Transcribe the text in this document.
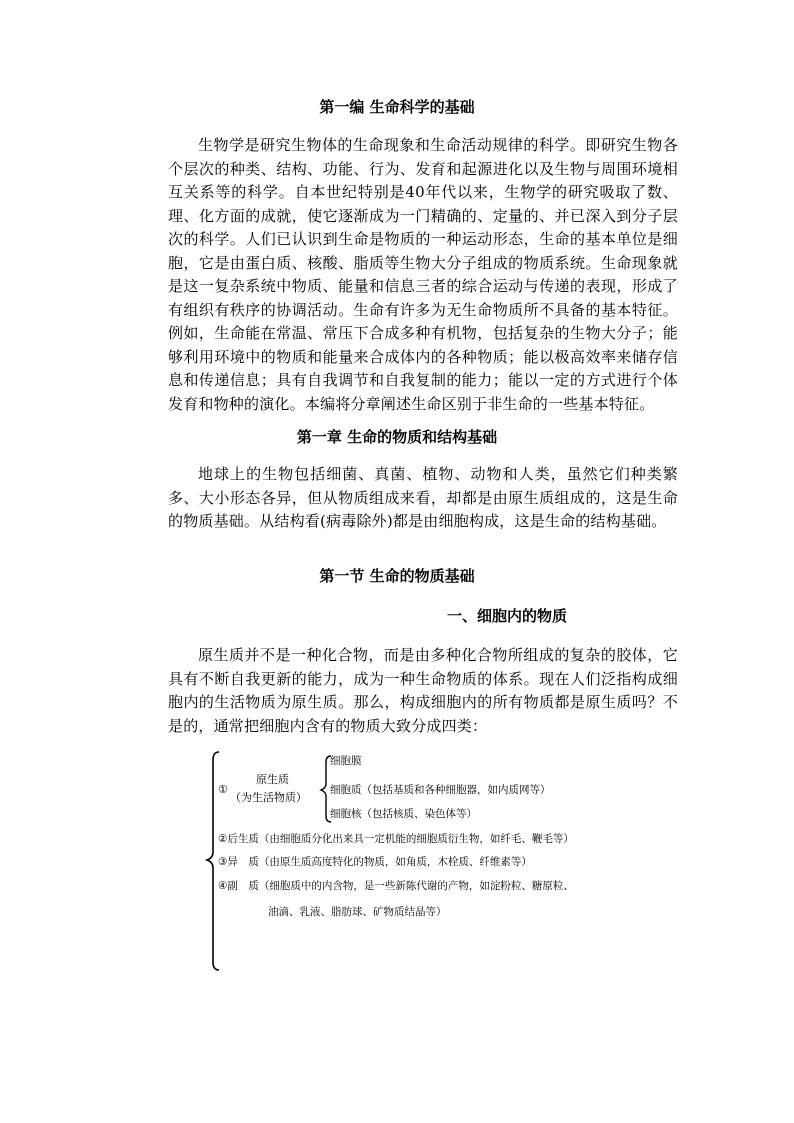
第一编 生命科学的基础

生物学是研究生物体的生命现象和生命活动规律的科学。即研究生物各个层次的种类、结构、功能、行为、发育和起源进化以及生物与周围环境相互关系等的科学。自本世纪特别是40年代以来，生物学的研究吸取了数、理、化方面的成就，使它逐渐成为一门精确的、定量的、并已深入到分子层次的科学。人们已认识到生命是物质的一种运动形态，生命的基本单位是细胞，它是由蛋白质、核酸、脂质等生物大分子组成的物质系统。生命现象就是这一复杂系统中物质、能量和信息三者的综合运动与传递的表现，形成了有组织有秩序的协调活动。生命有许多为无生命物质所不具备的基本特征。例如，生命能在常温、常压下合成多种有机物，包括复杂的生物大分子；能够利用环境中的物质和能量来合成体内的各种物质；能以极高效率来储存信息和传递信息；具有自我调节和自我复制的能力；能以一定的方式进行个体发育和物种的演化。本编将分章阐述生命区别于非生命的一些基本特征。

第一章 生命的物质和结构基础

地球上的生物包括细菌、真菌、植物、动物和人类，虽然它们种类繁多、大小形态各异，但从物质组成来看，却都是由原生质组成的，这是生命的物质基础。从结构看(病毒除外)都是由细胞构成，这是生命的结构基础。

第一节 生命的物质基础
一、细胞内的物质

原生质并不是一种化合物，而是由多种化合物所组成的复杂的胶体，它具有不断自我更新的能力，成为一种生命物质的体系。现在人们泛指构成细胞内的生活物质为原生质。那么，构成细胞内的所有物质都是原生质吗？不是的，通常把细胞内含有的物质大致分成四类：

①
原生质
（为生活物质）
细胞膜
细胞质（包括基质和各种细胞器，如内质网等）
细胞核（包括核质、染色体等）
②后生质（由细胞质分化出来具一定机能的细胞质衍生物，如纤毛、鞭毛等）
③异　质（由原生质高度特化的物质，如角质，木栓质、纤维素等）
④副　质（细胞质中的内含物，是一些新陈代谢的产物，如淀粉粒、糖原粒、
油滴、乳液、脂肪球、矿物质结晶等）
